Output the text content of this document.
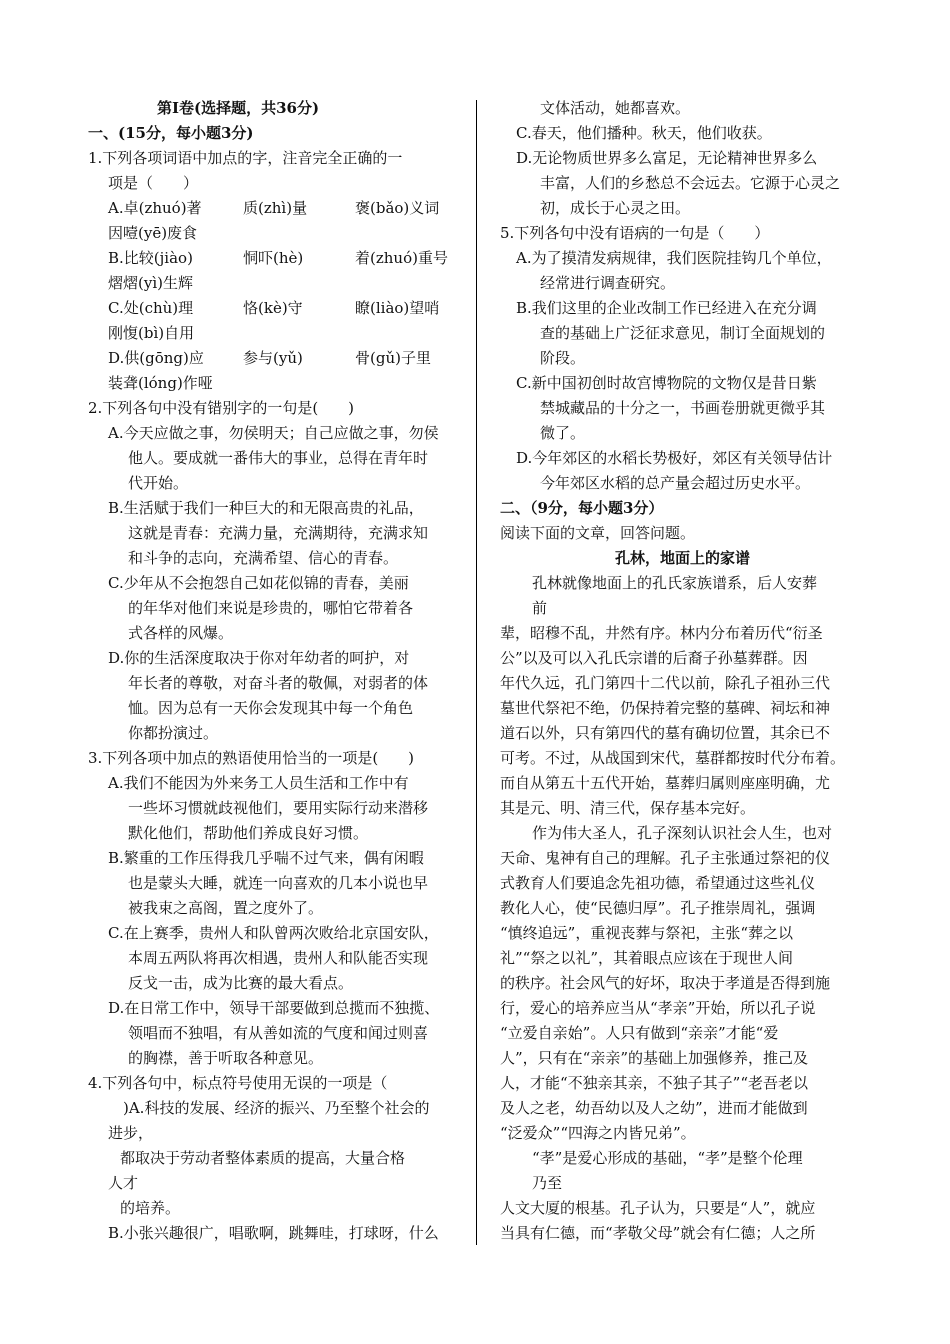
第Ⅰ卷(选择题，共36分)
一、(15分，每小题3分)
1.下列各项词语中加点的字，注音完全正确的一
项是（　　）
A.卓(zhuó)著	质(zhì)量	褒(bǎo)义词
因噎(yē)废食
B.比较(jiào)	恫吓(hè)	着(zhuó)重号
熠熠(yì)生辉
C.处(chù)理	恪(kè)守	瞭(liào)望哨
刚愎(bì)自用
D.供(gōng)应	参与(yǔ)	骨(gǔ)子里
装聋(lóng)作哑
2.下列各句中没有错别字的一句是(　　)
A.今天应做之事，勿侯明天；自己应做之事，勿侯
他人。要成就一番伟大的事业，总得在青年时
代开始。
B.生活赋于我们一种巨大的和无限高贵的礼品，
这就是青春：充满力量，充满期待，充满求知
和斗争的志向，充满希望、信心的青春。
C.少年从不会抱怨自己如花似锦的青春，美丽
的年华对他们来说是珍贵的，哪怕它带着各
式各样的风爆。
D.你的生活深度取决于你对年幼者的呵护，对
年长者的尊敬，对奋斗者的敬佩，对弱者的体
恤。因为总有一天你会发现其中每一个角色
你都扮演过。
3.下列各项中加点的熟语使用恰当的一项是(　　)
A.我们不能因为外来务工人员生活和工作中有
一些坏习惯就歧视他们，要用实际行动来潜移
默化他们，帮助他们养成良好习惯。
B.繁重的工作压得我几乎喘不过气来，偶有闲暇
也是蒙头大睡，就连一向喜欢的几本小说也早
被我束之高阁，置之度外了。
C.在上赛季，贵州人和队曾两次败给北京国安队，
本周五两队将再次相遇，贵州人和队能否实现
反戈一击，成为比赛的最大看点。
D.在日常工作中，领导干部要做到总揽而不独揽、
领唱而不独唱，有从善如流的气度和闻过则喜
的胸襟，善于听取各种意见。
4.下列各句中，标点符号使用无误的一项是（
　)A.科技的发展、经济的振兴、乃至整个社会的
进步，
都取决于劳动者整体素质的提高，大量合格
人才
的培养。
B.小张兴趣很广，唱歌啊，跳舞哇，打球呀，什么
文体活动，她都喜欢。
C.春天，他们播种。秋天，他们收获。
D.无论物质世界多么富足，无论精神世界多么
丰富，人们的乡愁总不会远去。它源于心灵之
初，成长于心灵之田。
5.下列各句中没有语病的一句是（　　）
A.为了摸清发病规律，我们医院挂钩几个单位，
经常进行调查研究。
B.我们这里的企业改制工作已经进入在充分调
查的基础上广泛征求意见，制订全面规划的
阶段。
C.新中国初创时故宫博物院的文物仅是昔日紫
禁城藏品的十分之一，书画卷册就更微乎其
微了。
D.今年郊区的水稻长势极好，郊区有关领导估计
今年郊区水稻的总产量会超过历史水平。
二、（9分，每小题3分）
阅读下面的文章，回答问题。
孔林，地面上的家谱
孔林就像地面上的孔氏家族谱系，后人安葬
前
辈，昭穆不乱，井然有序。林内分布着历代“衍圣
公”以及可以入孔氏宗谱的后裔子孙墓葬群。因
年代久远，孔门第四十二代以前，除孔子祖孙三代
墓世代祭祀不绝，仍保持着完整的墓碑、祠坛和神
道石以外，只有第四代的墓有确切位置，其余已不
可考。不过，从战国到宋代，墓群都按时代分布着。
而自从第五十五代开始，墓葬归属则座座明确，尤
其是元、明、清三代，保存基本完好。
作为伟大圣人，孔子深刻认识社会人生，也对
天命、鬼神有自己的理解。孔子主张通过祭祀的仪
式教育人们要追念先祖功德，希望通过这些礼仪
教化人心，使“民德归厚”。孔子推崇周礼，强调
“慎终追远”，重视丧葬与祭祀，主张“葬之以
礼”“祭之以礼”，其着眼点应该在于现世人间
的秩序。社会风气的好坏，取决于孝道是否得到施
行，爱心的培养应当从“孝亲”开始，所以孔子说
“立爱自亲始”。人只有做到“亲亲”才能“爱
人”，只有在“亲亲”的基础上加强修养，推己及
人，才能“不独亲其亲，不独子其子”“老吾老以
及人之老，幼吾幼以及人之幼”，进而才能做到
“泛爱众”“四海之内皆兄弟”。
“孝”是爱心形成的基础，“孝”是整个伦理
乃至
人文大厦的根基。孔子认为，只要是“人”，就应
当具有仁德，而“孝敬父母”就会有仁德；人之所
